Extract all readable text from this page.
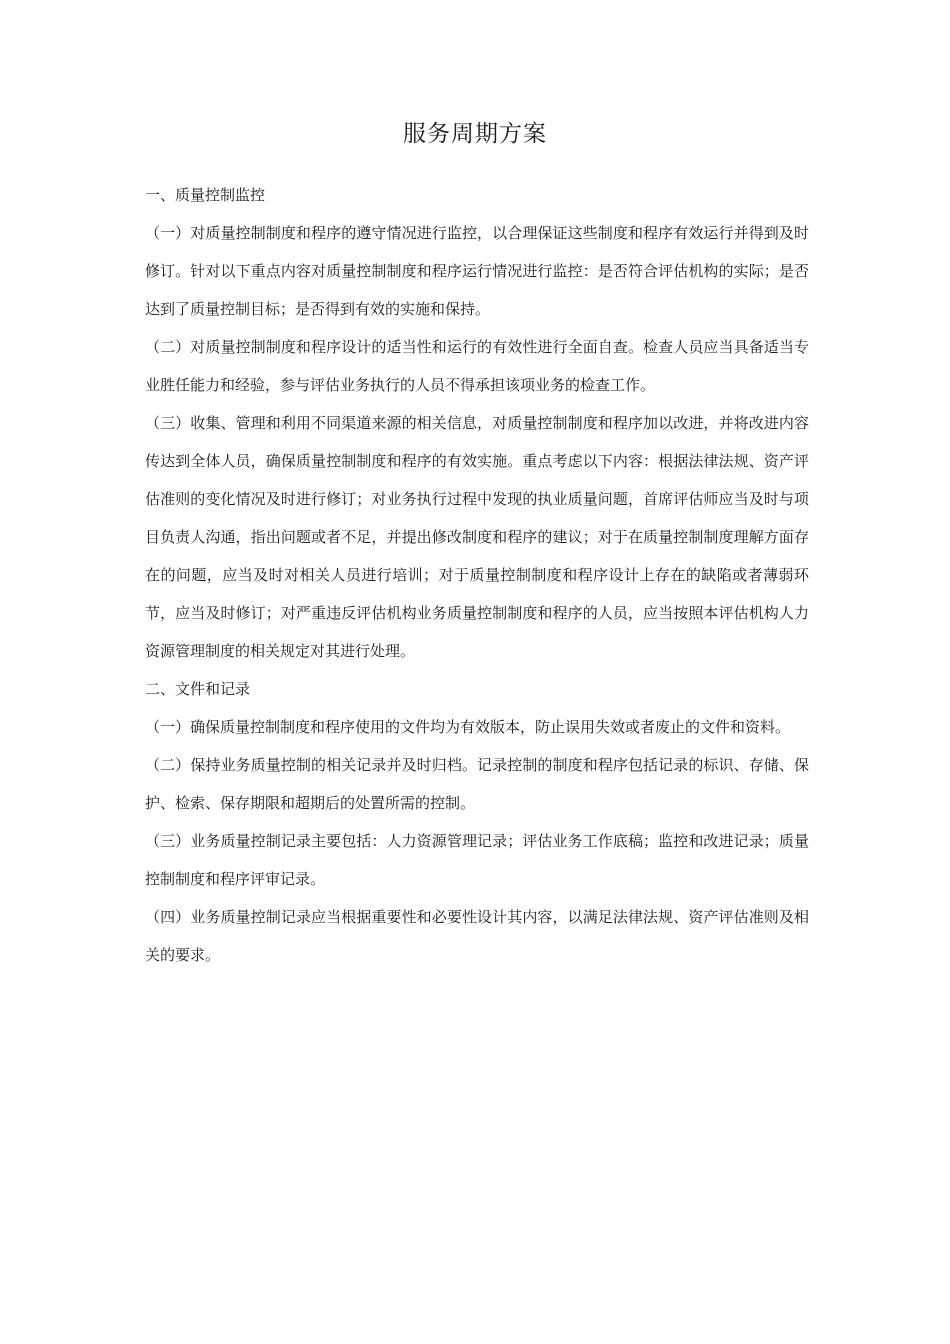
服务周期方案

一、质量控制监控

（一）对质量控制制度和程序的遵守情况进行监控，以合理保证这些制度和程序有效运行并得到及时修订。针对以下重点内容对质量控制制度和程序运行情况进行监控：是否符合评估机构的实际；是否达到了质量控制目标；是否得到有效的实施和保持。

（二）对质量控制制度和程序设计的适当性和运行的有效性进行全面自查。检查人员应当具备适当专业胜任能力和经验，参与评估业务执行的人员不得承担该项业务的检查工作。

（三）收集、管理和利用不同渠道来源的相关信息，对质量控制制度和程序加以改进，并将改进内容传达到全体人员，确保质量控制制度和程序的有效实施。重点考虑以下内容：根据法律法规、资产评估准则的变化情况及时进行修订；对业务执行过程中发现的执业质量问题，首席评估师应当及时与项目负责人沟通，指出问题或者不足，并提出修改制度和程序的建议；对于在质量控制制度理解方面存在的问题，应当及时对相关人员进行培训；对于质量控制制度和程序设计上存在的缺陷或者薄弱环节，应当及时修订；对严重违反评估机构业务质量控制制度和程序的人员，应当按照本评估机构人力资源管理制度的相关规定对其进行处理。

二、文件和记录

（一）确保质量控制制度和程序使用的文件均为有效版本，防止误用失效或者废止的文件和资料。

（二）保持业务质量控制的相关记录并及时归档。记录控制的制度和程序包括记录的标识、存储、保护、检索、保存期限和超期后的处置所需的控制。

（三）业务质量控制记录主要包括：人力资源管理记录；评估业务工作底稿；监控和改进记录；质量控制制度和程序评审记录。

（四）业务质量控制记录应当根据重要性和必要性设计其内容，以满足法律法规、资产评估准则及相关的要求。
